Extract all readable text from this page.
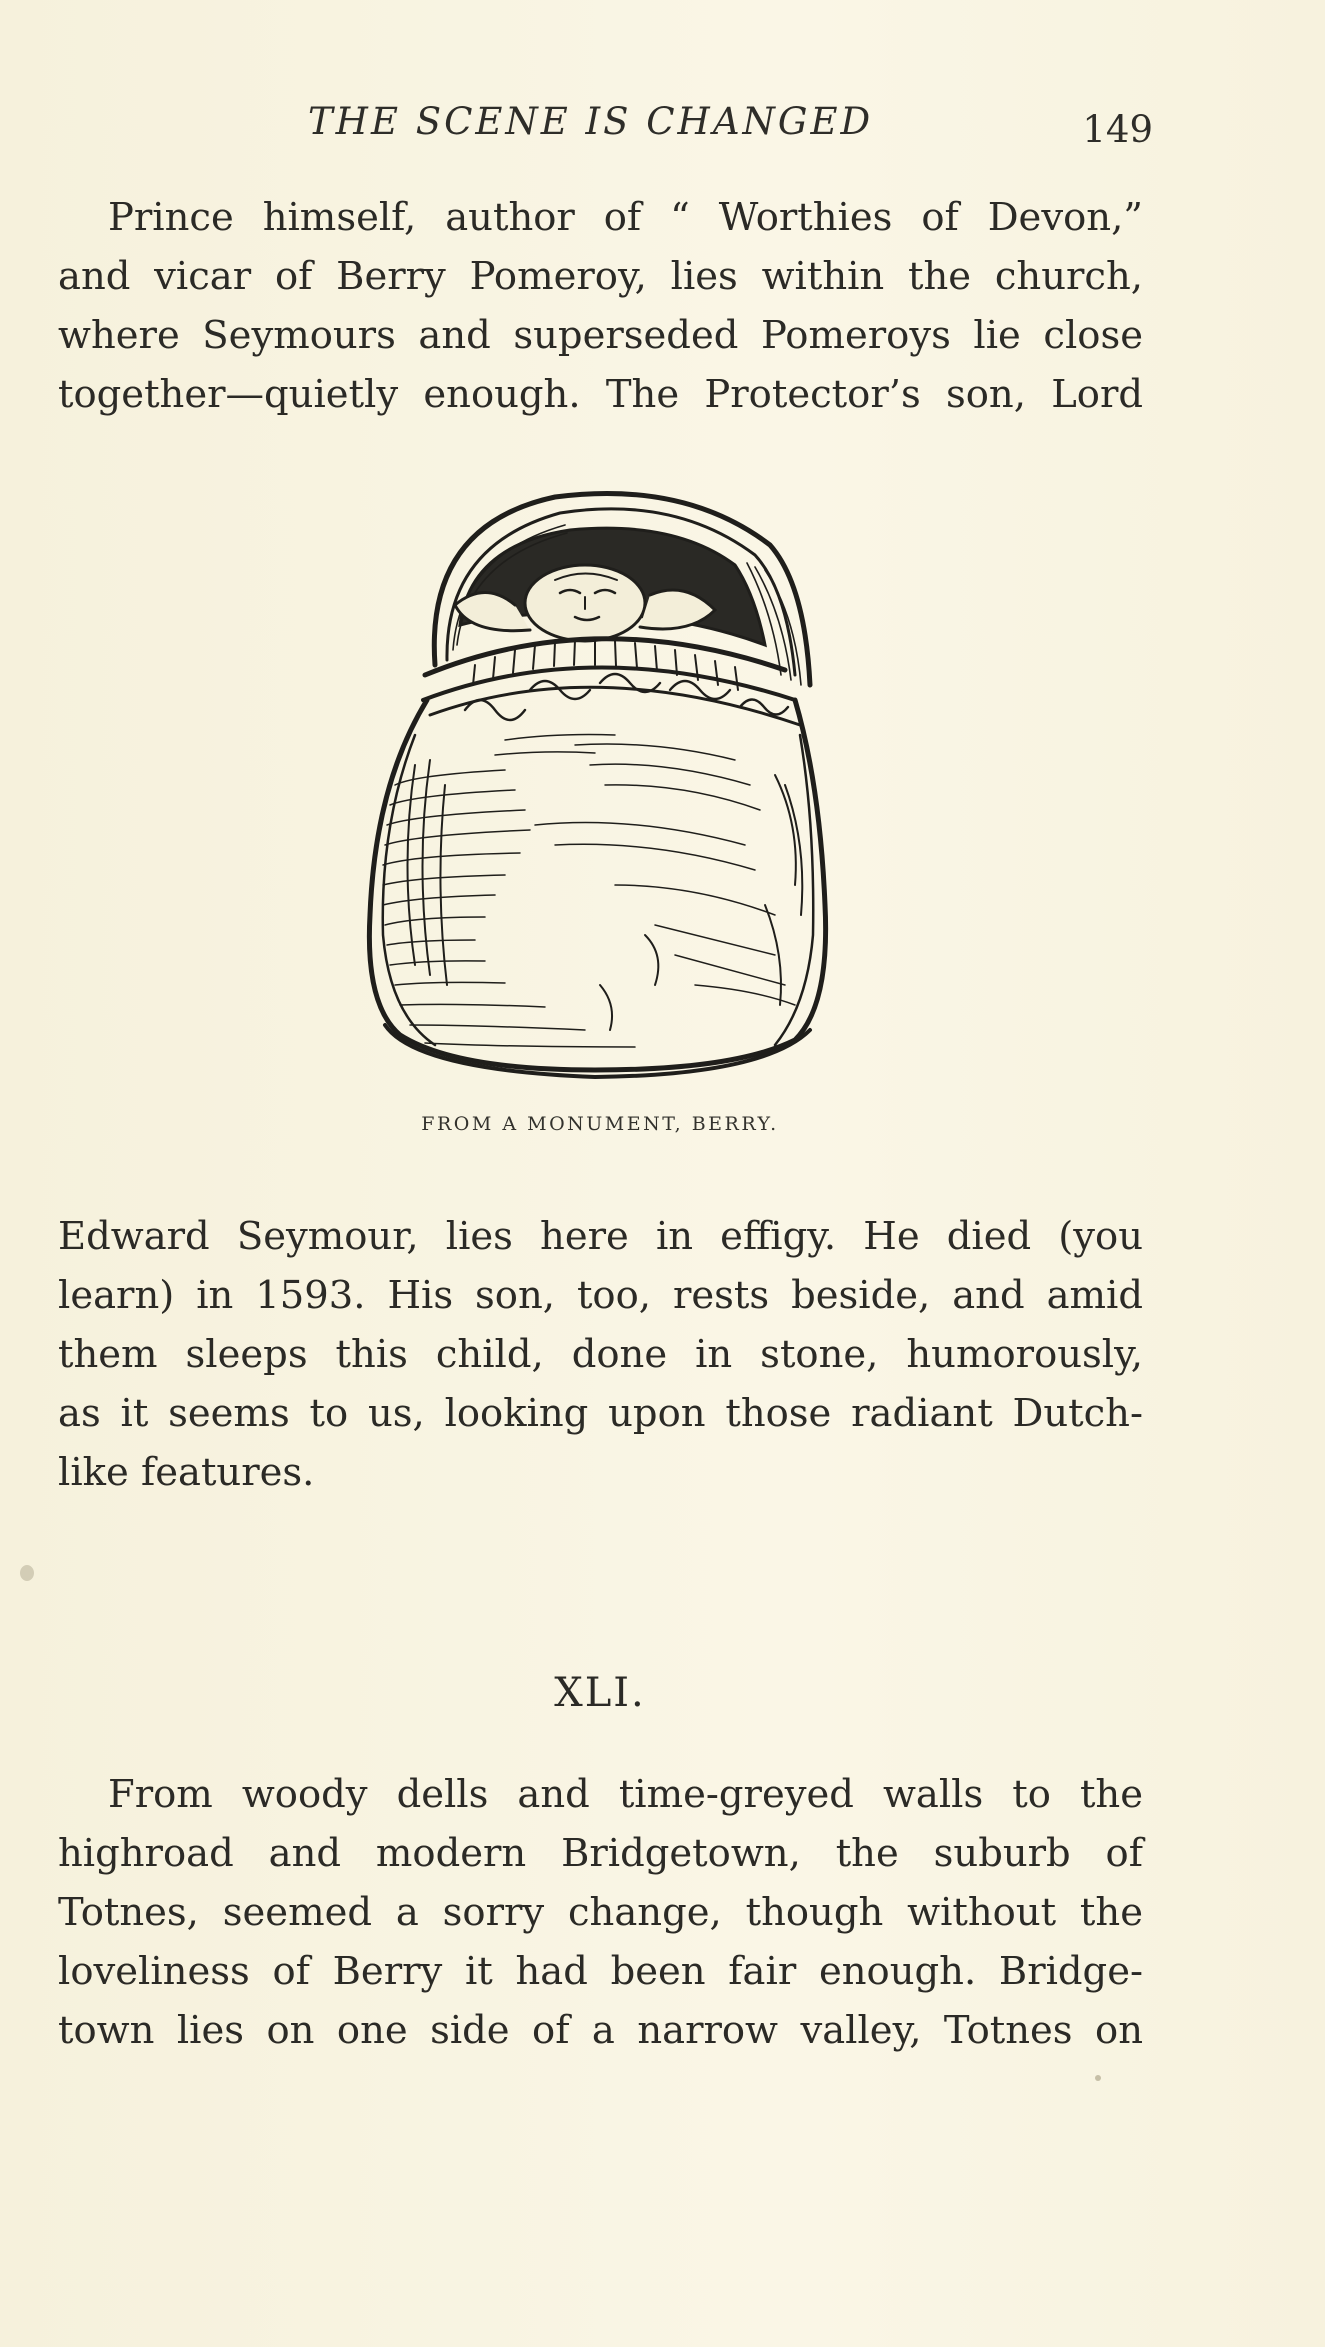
THE SCENE IS CHANGED	149

Prince himself, author of “ Worthies of Devon,”
and vicar of Berry Pomeroy, lies within the church,
where Seymours and superseded Pomeroys lie close
together—quietly enough. The Protector’s son, Lord

FROM A MONUMENT, BERRY.

Edward Seymour, lies here in effigy. He died (you
learn) in 1593. His son, too, rests beside, and amid
them sleeps this child, done in stone, humorously,
as it seems to us, looking upon those radiant Dutch-
like features.

XLI.

From woody dells and time-greyed walls to the
highroad and modern Bridgetown, the suburb of
Totnes, seemed a sorry change, though without the
loveliness of Berry it had been fair enough. Bridge-
town lies on one side of a narrow valley, Totnes on
